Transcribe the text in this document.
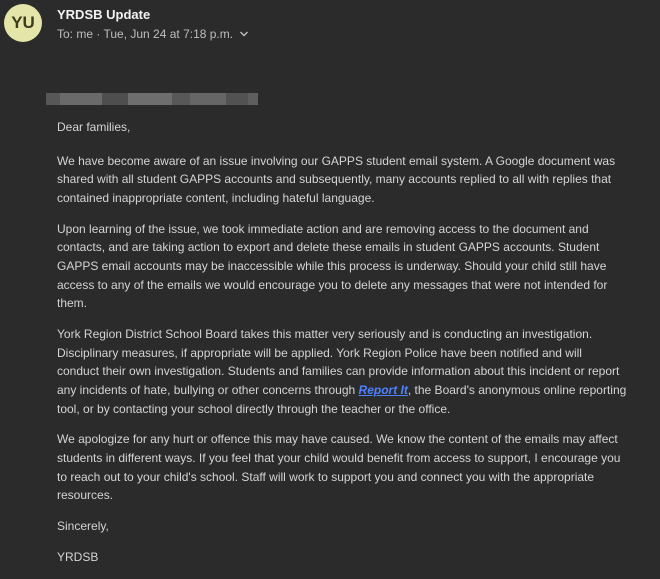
YU	YRDSB Update
To: me · Tue, Jun 24 at 7:18 p.m.

Dear families,

We have become aware of an issue involving our GAPPS student email system. A Google document was shared with all student GAPPS accounts and subsequently, many accounts replied to all with replies that contained inappropriate content, including hateful language.

Upon learning of the issue, we took immediate action and are removing access to the document and contacts, and are taking action to export and delete these emails in student GAPPS accounts. Student GAPPS email accounts may be inaccessible while this process is underway. Should your child still have access to any of the emails we would encourage you to delete any messages that were not intended for them.

York Region District School Board takes this matter very seriously and is conducting an investigation. Disciplinary measures, if appropriate will be applied. York Region Police have been notified and will conduct their own investigation. Students and families can provide information about this incident or report any incidents of hate, bullying or other concerns through Report It, the Board's anonymous online reporting tool, or by contacting your school directly through the teacher or the office.

We apologize for any hurt or offence this may have caused. We know the content of the emails may affect students in different ways. If you feel that your child would benefit from access to support, I encourage you to reach out to your child's school. Staff will work to support you and connect you with the appropriate resources.

Sincerely,

YRDSB
